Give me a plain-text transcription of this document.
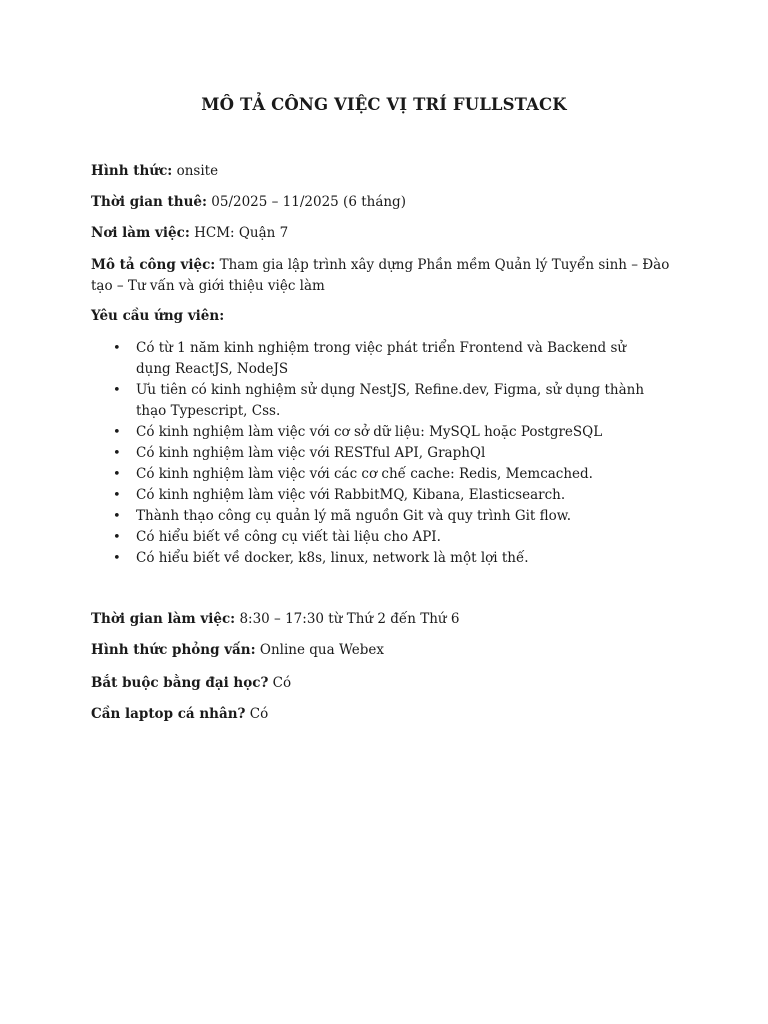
MÔ TẢ CÔNG VIỆC VỊ TRÍ FULLSTACK
Hình thức: onsite
Thời gian thuê: 05/2025 – 11/2025 (6 tháng)
Nơi làm việc: HCM: Quận 7
Mô tả công việc: Tham gia lập trình xây dựng Phần mềm Quản lý Tuyển sinh – Đào tạo – Tư vấn và giới thiệu việc làm
Yêu cầu ứng viên:
• Có từ 1 năm kinh nghiệm trong việc phát triển Frontend và Backend sử dụng ReactJS, NodeJS
• Ưu tiên có kinh nghiệm sử dụng NestJS, Refine.dev, Figma, sử dụng thành thạo Typescript, Css.
• Có kinh nghiệm làm việc với cơ sở dữ liệu: MySQL hoặc PostgreSQL
• Có kinh nghiệm làm việc với RESTful API, GraphQl
• Có kinh nghiệm làm việc với các cơ chế cache: Redis, Memcached.
• Có kinh nghiệm làm việc với RabbitMQ, Kibana, Elasticsearch.
• Thành thạo công cụ quản lý mã nguồn Git và quy trình Git flow.
• Có hiểu biết về công cụ viết tài liệu cho API.
• Có hiểu biết về docker, k8s, linux, network là một lợi thế.
Thời gian làm việc: 8:30 – 17:30 từ Thứ 2 đến Thứ 6
Hình thức phỏng vấn: Online qua Webex
Bắt buộc bằng đại học? Có
Cần laptop cá nhân? Có
